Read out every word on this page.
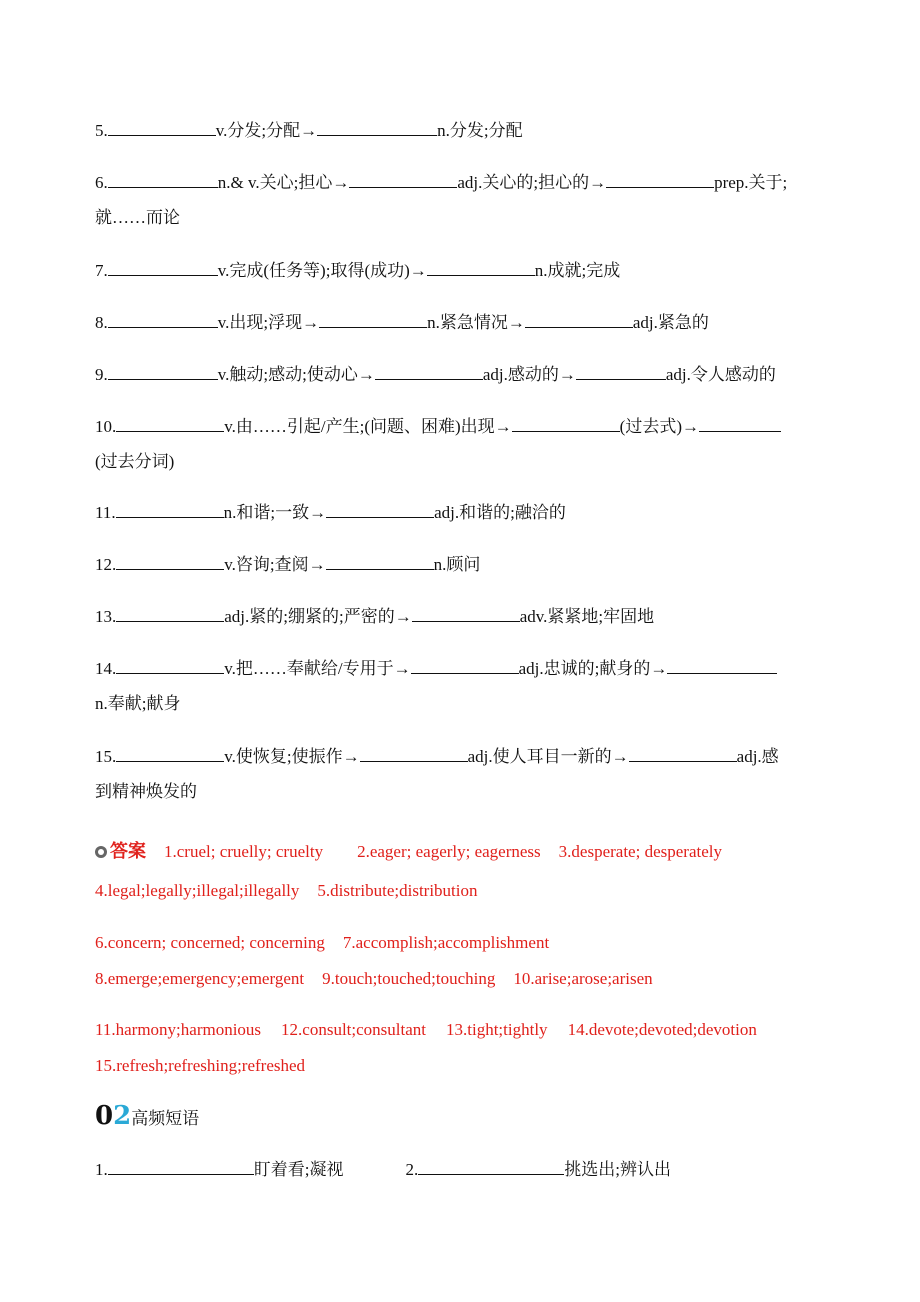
5.	v.分发;分配→	n.分发;分配
6.	n.& v.关心;担心→	adj.关心的;担心的→	prep.关于;
就……而论
7.	v.完成(任务等);取得(成功)→	n.成就;完成
8.	v.出现;浮现→	n.紧急情况→	adj.紧急的
9.	v.触动;感动;使动心→	adj.感动的→	adj.令人感动的
10.	v.由……引起/产生;(问题、困难)出现→	(过去式)→
(过去分词)
11.	n.和谐;一致→	adj.和谐的;融洽的
12.	v.咨询;查阅→	n.顾问
13.	adj.紧的;绷紧的;严密的→	adv.紧紧地;牢固地
14.	v.把……奉献给/专用于→	adj.忠诚的;献身的→
n.奉献;献身
15.	v.使恢复;使振作→	adj.使人耳目一新的→	adj.感
到精神焕发的
答案 1.cruel; cruelly; cruelty 2.eager; eagerly; eagerness 3.desperate; desperately
4.legal;legally;illegal;illegally 5.distribute;distribution
6.concern; concerned; concerning 7.accomplish;accomplishment
8.emerge;emergency;emergent 9.touch;touched;touching 10.arise;arose;arisen
11.harmony;harmonious 12.consult;consultant 13.tight;tightly 14.devote;devoted;devotion
15.refresh;refreshing;refreshed
02高频短语
1.	盯着看;凝视	2.	挑选出;辨认出
